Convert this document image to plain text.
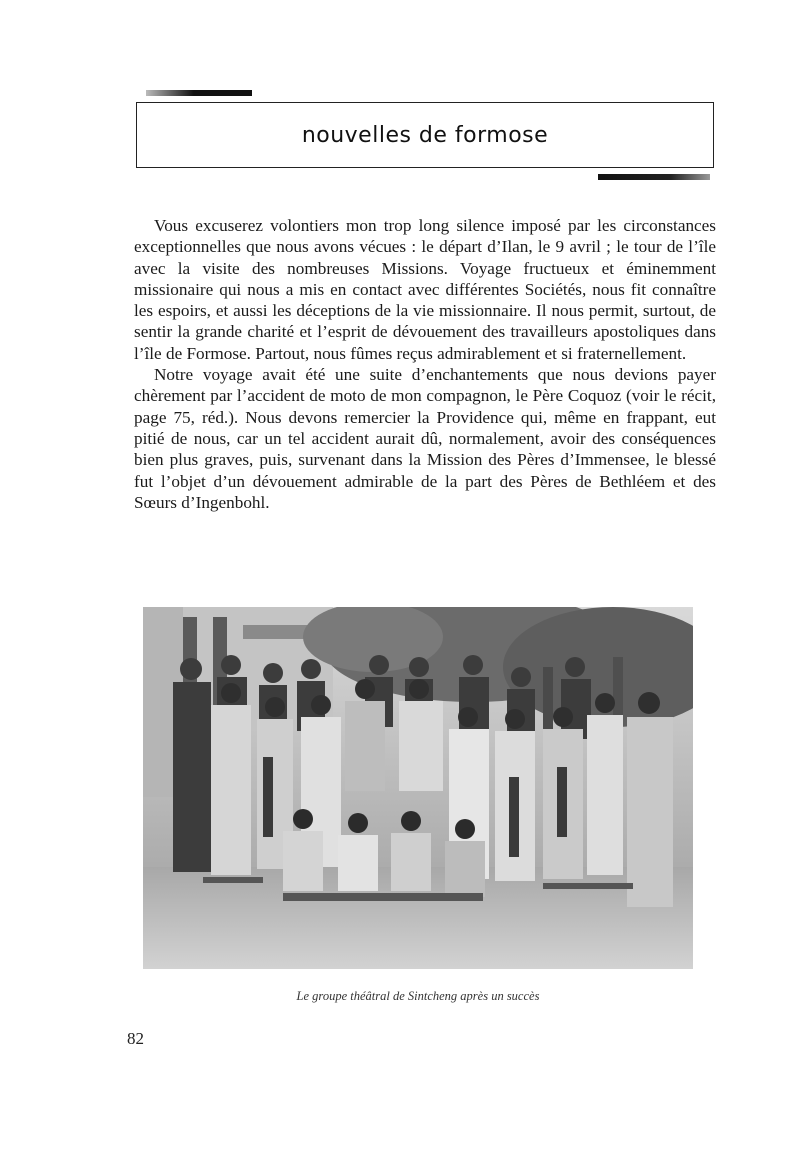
nouvelles de formose

Vous excuserez volontiers mon trop long silence imposé par les circonstances exceptionnelles que nous avons vécues : le départ d’Ilan, le 9 avril ; le tour de l’île avec la visite des nombreuses Missions. Voyage fructueux et éminemment missionaire qui nous a mis en contact avec différentes Sociétés, nous fit connaître les espoirs, et aussi les déceptions de la vie missionnaire. Il nous permit, surtout, de sentir la grande charité et l’esprit de dévouement des travailleurs apostoliques dans l’île de Formose. Partout, nous fûmes reçus admirablement et si fraternellement.

Notre voyage avait été une suite d’enchantements que nous devions payer chèrement par l’accident de moto de mon compagnon, le Père Coquoz (voir le récit, page 75, réd.). Nous devons remercier la Providence qui, même en frappant, eut pitié de nous, car un tel accident aurait dû, normalement, avoir des conséquences bien plus graves, puis, survenant dans la Mission des Pères d’Immensee, le blessé fut l’objet d’un dévouement admirable de la part des Pères de Bethléem et des Sœurs d’Ingenbohl.

Le groupe théâtral de Sintcheng après un succès

82
